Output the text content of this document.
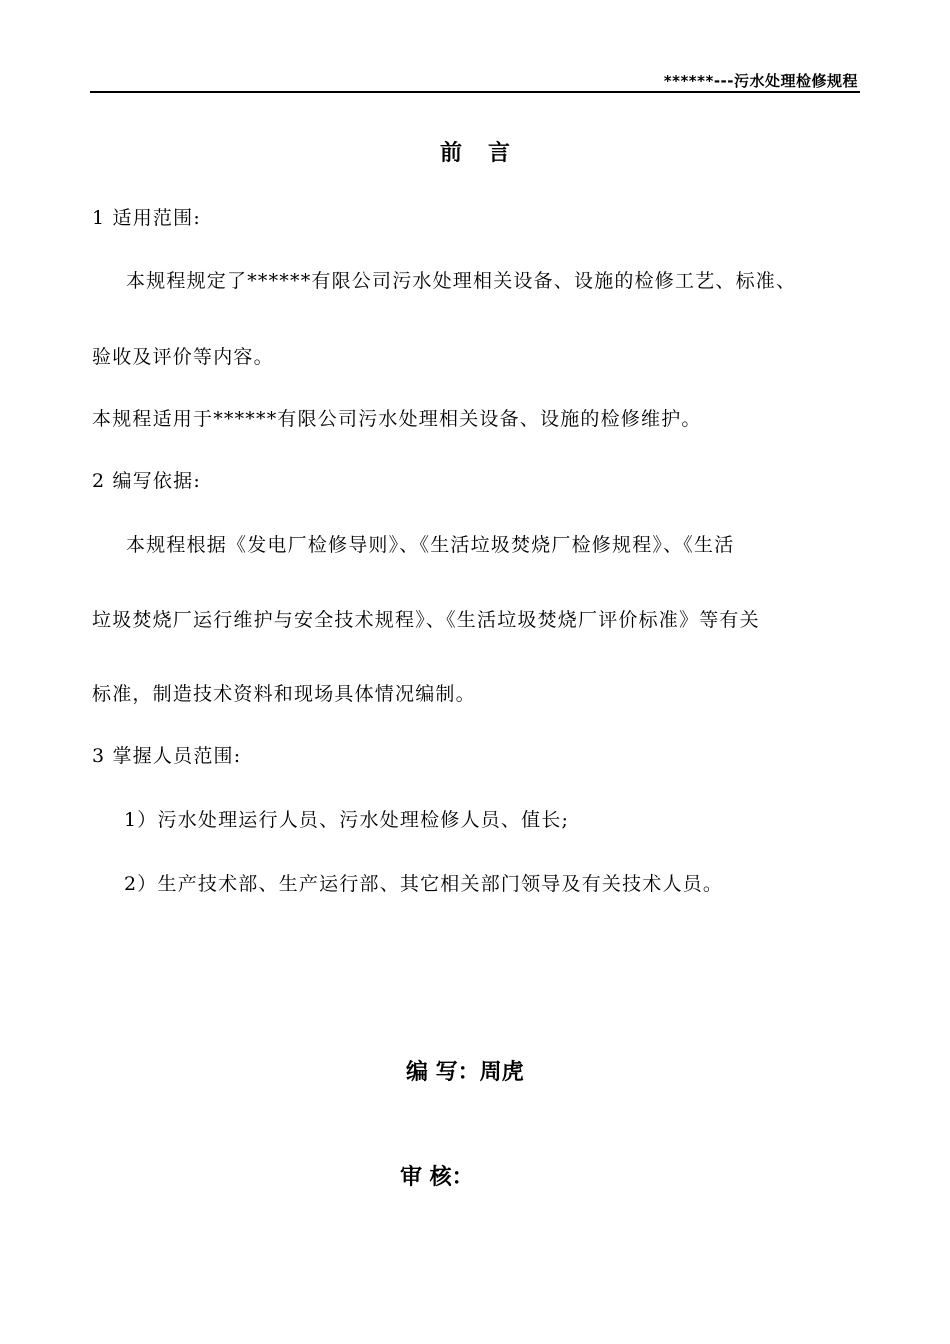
******---污水处理检修规程
前言
1 适用范围:
本规程规定了******有限公司污水处理相关设备、设施的检修工艺、标准、
验收及评价等内容。
本规程适用于******有限公司污水处理相关设备、设施的检修维护。
2 编写依据:
本规程根据《发电厂检修导则》、《生活垃圾焚烧厂检修规程》、《生活
垃圾焚烧厂运行维护与安全技术规程》、《生活垃圾焚烧厂评价标准》等有关
标准，制造技术资料和现场具体情况编制。
3 掌握人员范围:
1）污水处理运行人员、污水处理检修人员、值长;
2）生产技术部、生产运行部、其它相关部门领导及有关技术人员。
编 写：周虎
审 核：
